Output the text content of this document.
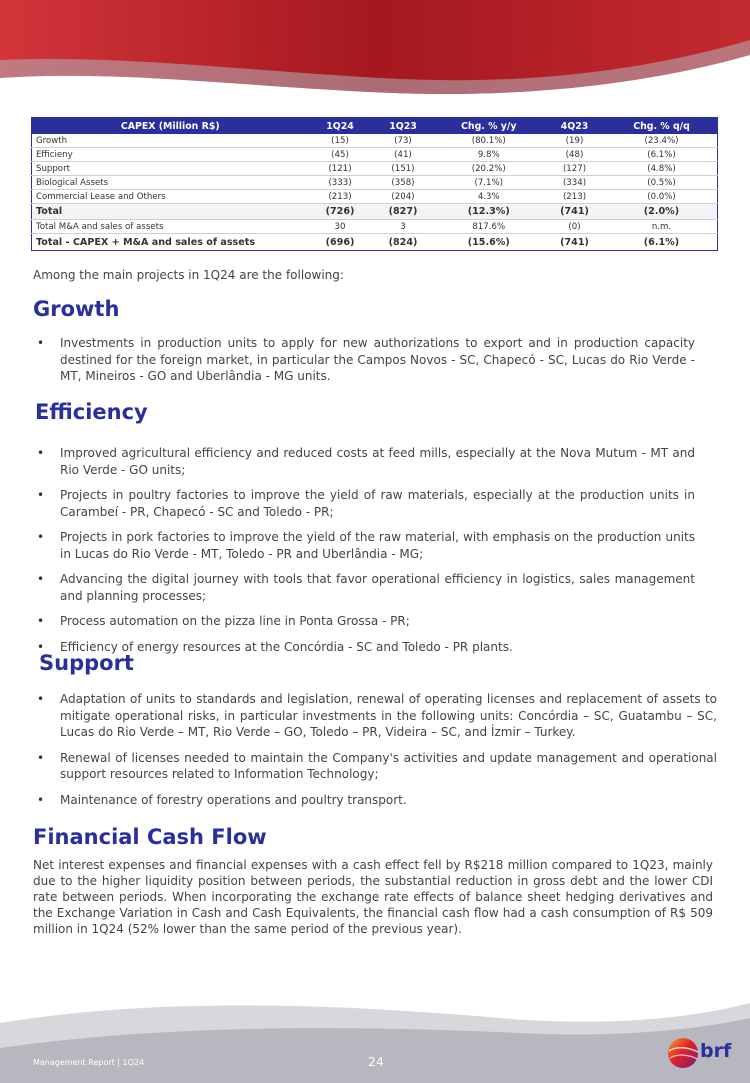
CAPEX (Million R$)	1Q24	1Q23	Chg. % y/y	4Q23	Chg. % q/q
Growth	(15)	(73)	(80.1%)	(19)	(23.4%)
Efficieny	(45)	(41)	9.8%	(48)	(6.1%)
Support	(121)	(151)	(20.2%)	(127)	(4.8%)
Biological Assets	(333)	(358)	(7.1%)	(334)	(0.5%)
Commercial Lease and Others	(213)	(204)	4.3%	(213)	(0.0%)
Total	(726)	(827)	(12.3%)	(741)	(2.0%)
Total M&A and sales of assets	30	3	817.6%	(0)	n.m.
Total - CAPEX + M&A and sales of assets	(696)	(824)	(15.6%)	(741)	(6.1%)
Among the main projects in 1Q24 are the following:
Growth
• Investments in production units to apply for new authorizations to export and in production capacity destined for the foreign market, in particular the Campos Novos - SC, Chapecó - SC, Lucas do Rio Verde - MT, Mineiros - GO and Uberlândia - MG units.
Efficiency
• Improved agricultural efficiency and reduced costs at feed mills, especially at the Nova Mutum - MT and Rio Verde - GO units;
• Projects in poultry factories to improve the yield of raw materials, especially at the production units in Carambeí - PR, Chapecó - SC and Toledo - PR;
• Projects in pork factories to improve the yield of the raw material, with emphasis on the production units in Lucas do Rio Verde - MT, Toledo - PR and Uberlândia - MG;
• Advancing the digital journey with tools that favor operational efficiency in logistics, sales management and planning processes;
• Process automation on the pizza line in Ponta Grossa - PR;
• Efficiency of energy resources at the Concórdia - SC and Toledo - PR plants.
Support
• Adaptation of units to standards and legislation, renewal of operating licenses and replacement of assets to mitigate operational risks, in particular investments in the following units: Concórdia – SC, Guatambu – SC, Lucas do Rio Verde – MT, Rio Verde – GO, Toledo – PR, Videira – SC, and İzmir – Turkey.
• Renewal of licenses needed to maintain the Company's activities and update management and operational support resources related to Information Technology;
• Maintenance of forestry operations and poultry transport.
Financial Cash Flow

Net interest expenses and financial expenses with a cash effect fell by R$218 million compared to 1Q23, mainly due to the higher liquidity position between periods, the substantial reduction in gross debt and the lower CDI rate between periods. When incorporating the exchange rate effects of balance sheet hedging derivatives and the Exchange Variation in Cash and Cash Equivalents, the financial cash flow had a cash consumption of R$ 509 million in 1Q24 (52% lower than the same period of the previous year).

Management Report | 1Q24	24	brf
